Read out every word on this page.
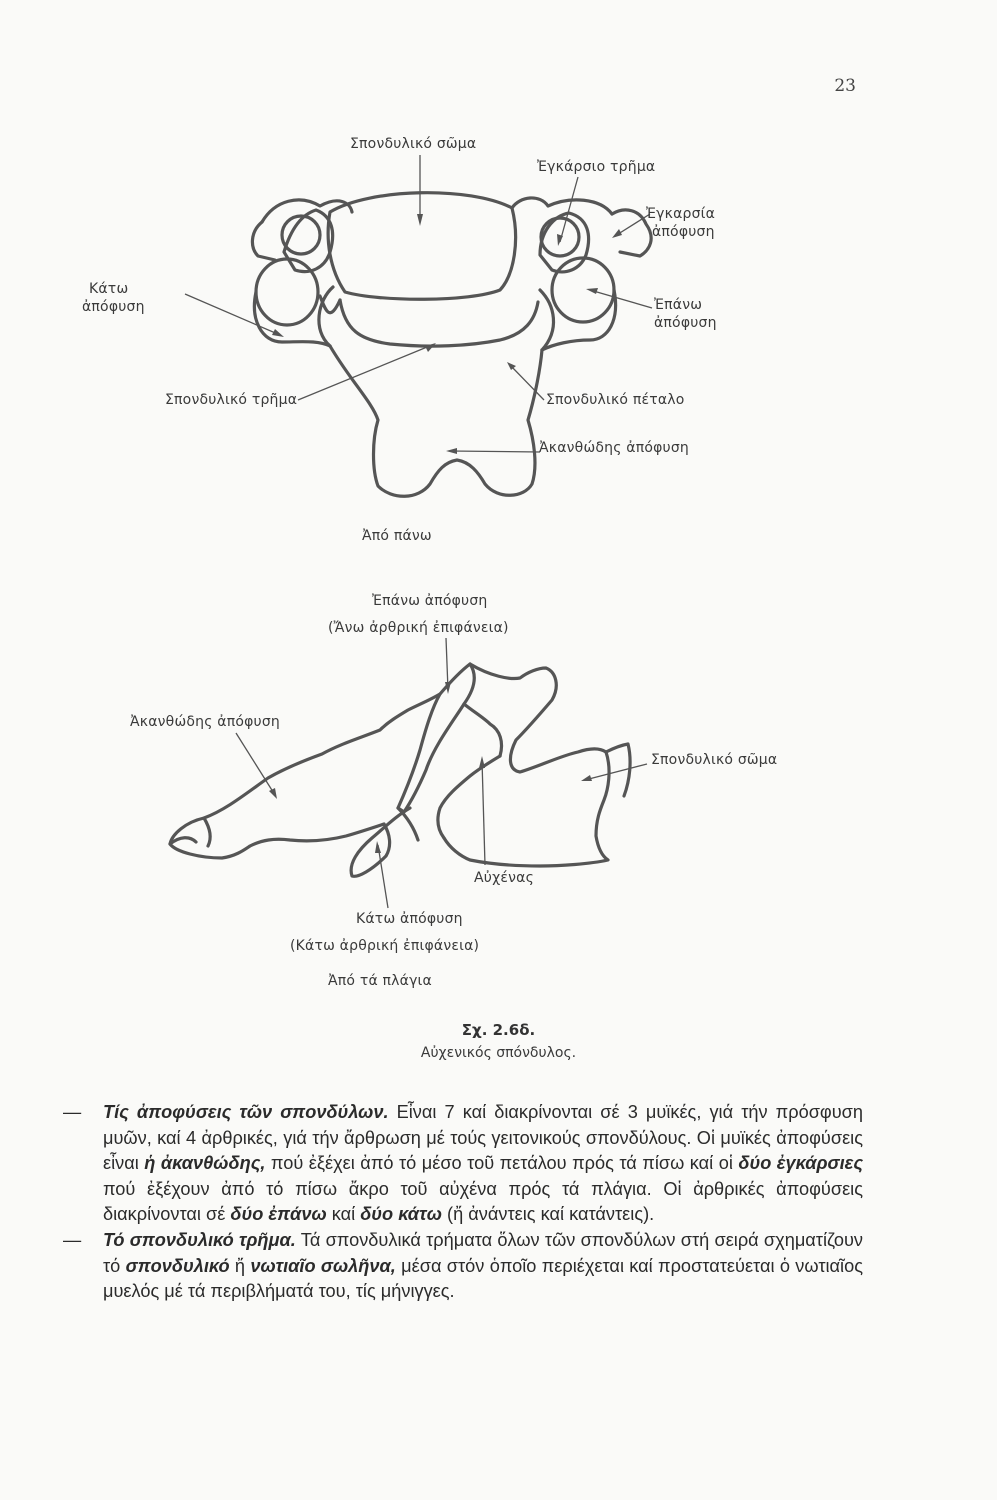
23
Σπονδυλικό σῶμα
Ἐγκάρσιο τρῆμα
Ἐγκαρσία
ἀπόφυση
Κάτω
ἀπόφυση	Ἐπάνω
ἀπόφυση
Σπονδυλικό τρῆμα	Σπονδυλικό πέταλο
Ἀκανθώδης ἀπόφυση
Ἀπό πάνω
Ἐπάνω ἀπόφυση
(Ἄνω ἀρθρική ἐπιφάνεια)
Ἀκανθώδης ἀπόφυση
Σπονδυλικό σῶμα
Αὐχένας
Κάτω ἀπόφυση
(Κάτω ἀρθρική ἐπιφάνεια)
Ἀπό τά πλάγια
Σχ. 2.6δ.
Αὐχενικός σπόνδυλος.

— Τίς ἀποφύσεις τῶν σπονδύλων. Εἶναι 7 καί διακρίνονται σέ 3 μυϊκές, γιά τήν πρόσφυση μυῶν, καί 4 ἀρθρικές, γιά τήν ἄρθρωση μέ τούς γειτονικούς σπονδύλους. Οἱ μυϊκές ἀποφύσεις εἶναι ἡ ἀκανθώδης, πού ἐξέχει ἀπό τό μέσο τοῦ πετάλου πρός τά πίσω καί οἱ δύο ἐγκάρσιες πού ἐξέχουν ἀπό τό πίσω ἄκρο τοῦ αὐχένα πρός τά πλάγια. Οἱ ἀρθρικές ἀποφύσεις διακρίνονται σέ δύο ἐπάνω καί δύο κάτω (ἤ ἀνάντεις καί κατάντεις).

— Τό σπονδυλικό τρῆμα. Τά σπονδυλικά τρήματα ὅλων τῶν σπονδύλων στή σειρά σχηματίζουν τό σπονδυλικό ἤ νωτιαῖο σωλῆνα, μέσα στόν ὁποῖο περιέχεται καί προστατεύεται ὁ νωτιαῖος μυελός μέ τά περιβλήματά του, τίς μήνιγγες.
